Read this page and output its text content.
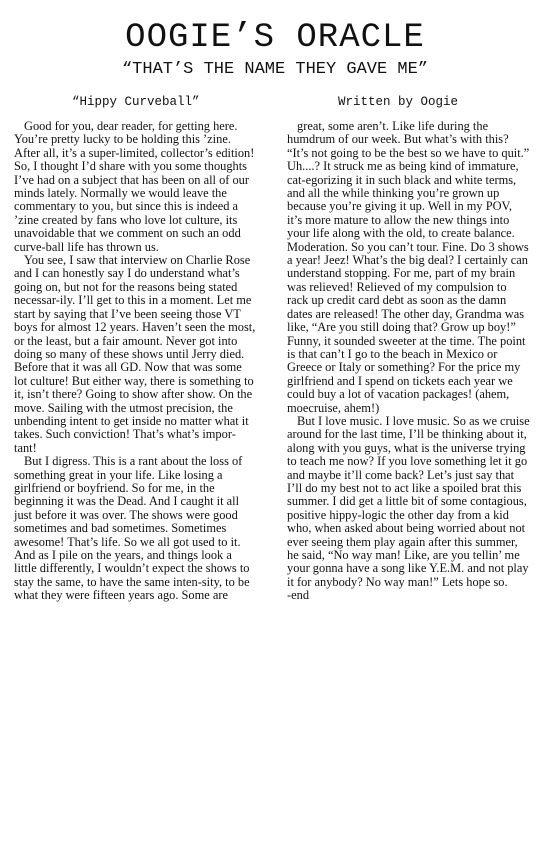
OOGIE’S ORACLE
“THAT’S THE NAME THEY GAVE ME”
“Hippy Curveball”	Written by Oogie

Good for you, dear reader, for getting here. You’re pretty lucky to be holding this ’zine. After all, it’s a super-limited, collector’s edition! So, I thought I’d share with you some thoughts I’ve had on a subject that has been on all of our minds lately. Normally we would leave the commentary to you, but since this is indeed a ’zine created by fans who love lot culture, its unavoidable that we comment on such an odd curve-ball life has thrown us.

You see, I saw that interview on Charlie Rose and I can honestly say I do understand what’s going on, but not for the reasons being stated necessar-ily. I’ll get to this in a moment. Let me start by saying that I’ve been seeing those VT boys for almost 12 years. Haven’t seen the most, or the least, but a fair amount. Never got into doing so many of these shows until Jerry died. Before that it was all GD. Now that was some lot culture! But either way, there is something to it, isn’t there? Going to show after show. On the move. Sailing with the utmost precision, the unbending intent to get inside no matter what it takes. Such conviction! That’s what’s impor-tant!

But I digress. This is a rant about the loss of something great in your life. Like losing a girlfriend or boyfriend. So for me, in the beginning it was the Dead. And I caught it all just before it was over. The shows were good sometimes and bad sometimes. Sometimes awesome! That’s life. So we all got used to it. And as I pile on the years, and things look a little differently, I wouldn’t expect the shows to stay the same, to have the same inten-sity, to be what they were fifteen years ago. Some are

great, some aren’t. Like life during the humdrum of our week. But what’s with this? “It’s not going to be the best so we have to quit.” Uh....? It struck me as being kind of immature, cat-egorizing it in such black and white terms, and all the while thinking you’re grown up because you’re giving it up. Well in my POV, it’s more mature to allow the new things into your life along with the old, to create balance. Moderation. So you can’t tour. Fine. Do 3 shows a year! Jeez! What’s the big deal? I certainly can understand stopping. For me, part of my brain was relieved! Relieved of my compulsion to rack up credit card debt as soon as the damn dates are released! The other day, Grandma was like, “Are you still doing that? Grow up boy!” Funny, it sounded sweeter at the time. The point is that can’t I go to the beach in Mexico or Greece or Italy or something? For the price my girlfriend and I spend on tickets each year we could buy a lot of vacation packages! (ahem, moecruise, ahem!)

But I love music. I love music. So as we cruise around for the last time, I’ll be thinking about it, along with you guys, what is the universe trying to teach me now? If you love something let it go and maybe it’ll come back? Let’s just say that I’ll do my best not to act like a spoiled brat this summer. I did get a little bit of some contagious, positive hippy-logic the other day from a kid who, when asked about being worried about not ever seeing them play again after this summer, he said, “No way man! Like, are you tellin’ me your gonna have a song like Y.E.M. and not play it for anybody? No way man!” Lets hope so.

-end
